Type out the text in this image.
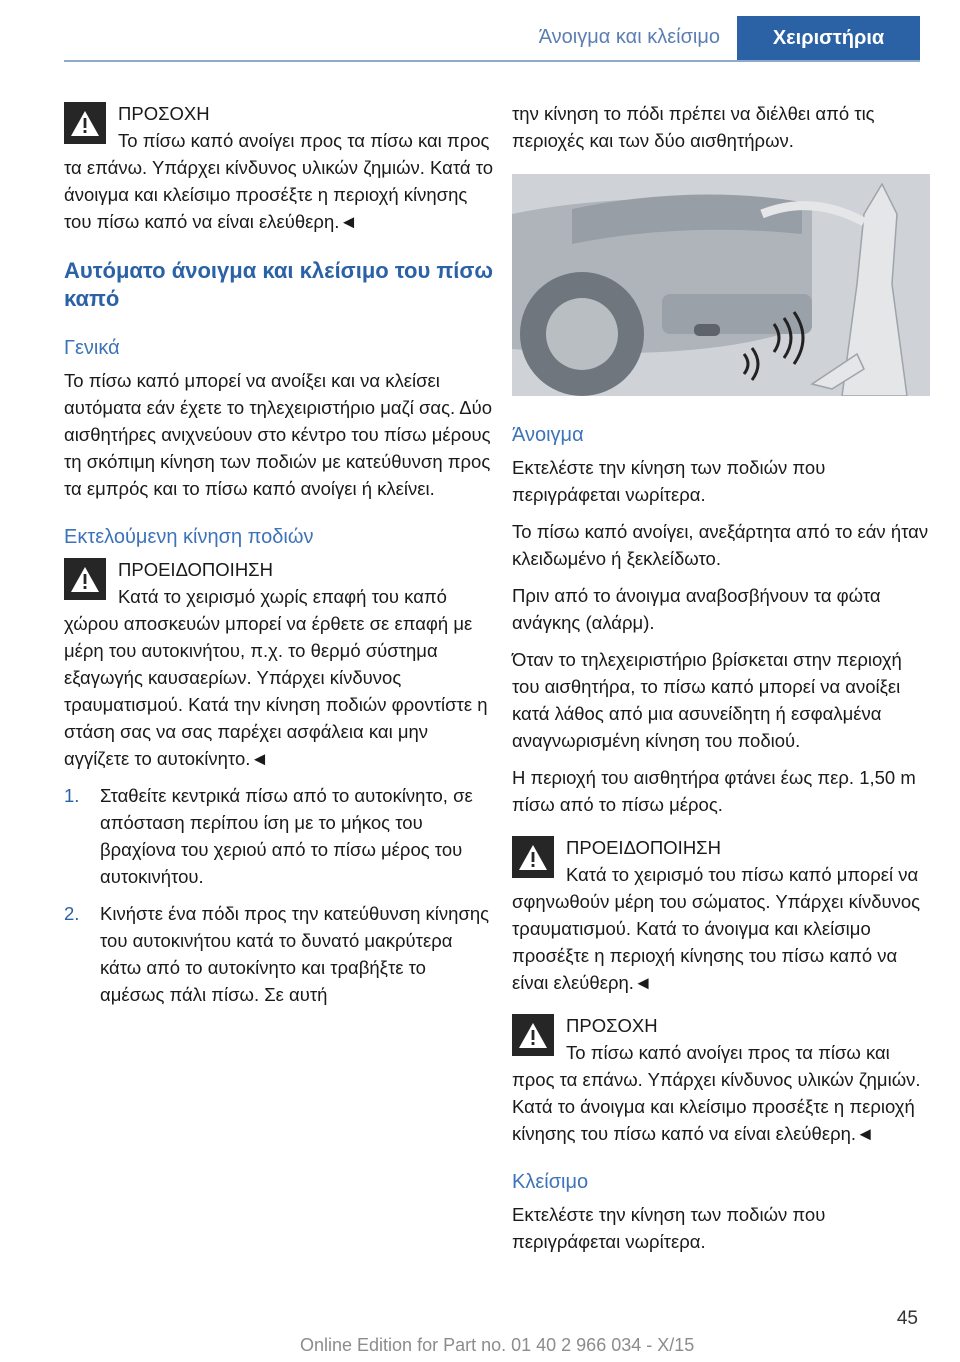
Άνοιγμα και κλείσιμο	Χειριστήρια
ΠΡΟΣΟΧΗ
Το πίσω καπό ανοίγει προς τα πίσω και προς τα επάνω. Υπάρχει κίνδυνος υλικών ζημιών. Κατά το άνοιγμα και κλείσιμο προσέξτε η περιοχή κίνησης του πίσω καπό να είναι ελεύθερη.◄
Αυτόματο άνοιγμα και κλείσιμο του πίσω καπό
Γενικά

Το πίσω καπό μπορεί να ανοίξει και να κλείσει αυτόματα εάν έχετε το τηλεχειριστήριο μαζί σας. Δύο αισθητήρες ανιχνεύουν στο κέντρο του πίσω μέρους τη σκόπιμη κίνηση των ποδιών με κατεύθυνση προς τα εμπρός και το πίσω καπό ανοίγει ή κλείνει.

Εκτελούμενη κίνηση ποδιών
ΠΡΟΕΙΔΟΠΟΙΗΣΗ
Κατά το χειρισμό χωρίς επαφή του καπό χώρου αποσκευών μπορεί να έρθετε σε επαφή με μέρη του αυτοκινήτου, π.χ. το θερμό σύστημα εξαγωγής καυσαερίων. Υπάρχει κίνδυνος τραυματισμού. Κατά την κίνηση ποδιών φροντίστε η στάση σας να σας παρέχει ασφάλεια και μην αγγίζετε το αυτοκίνητο.◄
1. Σταθείτε κεντρικά πίσω από το αυτοκίνητο, σε απόσταση περίπου ίση με το μήκος του βραχίονα του χεριού από το πίσω μέρος του αυτοκινήτου.
2. Κινήστε ένα πόδι προς την κατεύθυνση κίνησης του αυτοκινήτου κατά το δυνατό μακρύτερα κάτω από το αυτοκίνητο και τραβήξτε το αμέσως πάλι πίσω. Σε αυτή

την κίνηση το πόδι πρέπει να διέλθει από τις περιοχές και των δύο αισθητήρων.

Άνοιγμα

Εκτελέστε την κίνηση των ποδιών που περιγράφεται νωρίτερα.

Το πίσω καπό ανοίγει, ανεξάρτητα από το εάν ήταν κλειδωμένο ή ξεκλείδωτο.

Πριν από το άνοιγμα αναβοσβήνουν τα φώτα ανάγκης (αλάρμ).

Όταν το τηλεχειριστήριο βρίσκεται στην περιοχή του αισθητήρα, το πίσω καπό μπορεί να ανοίξει κατά λάθος από μια ασυνείδητη ή εσφαλμένα αναγνωρισμένη κίνηση του ποδιού.

Η περιοχή του αισθητήρα φτάνει έως περ. 1,50 m πίσω από το πίσω μέρος.

ΠΡΟΕΙΔΟΠΟΙΗΣΗ
Κατά το χειρισμό του πίσω καπό μπορεί να σφηνωθούν μέρη του σώματος. Υπάρχει κίνδυνος τραυματισμού. Κατά το άνοιγμα και κλείσιμο προσέξτε η περιοχή κίνησης του πίσω καπό να είναι ελεύθερη.◄
ΠΡΟΣΟΧΗ
Το πίσω καπό ανοίγει προς τα πίσω και προς τα επάνω. Υπάρχει κίνδυνος υλικών ζημιών. Κατά το άνοιγμα και κλείσιμο προσέξτε η περιοχή κίνησης του πίσω καπό να είναι ελεύθερη.◄
Κλείσιμο

Εκτελέστε την κίνηση των ποδιών που περιγράφεται νωρίτερα.

45
Online Edition for Part no. 01 40 2 966 034 - X/15
